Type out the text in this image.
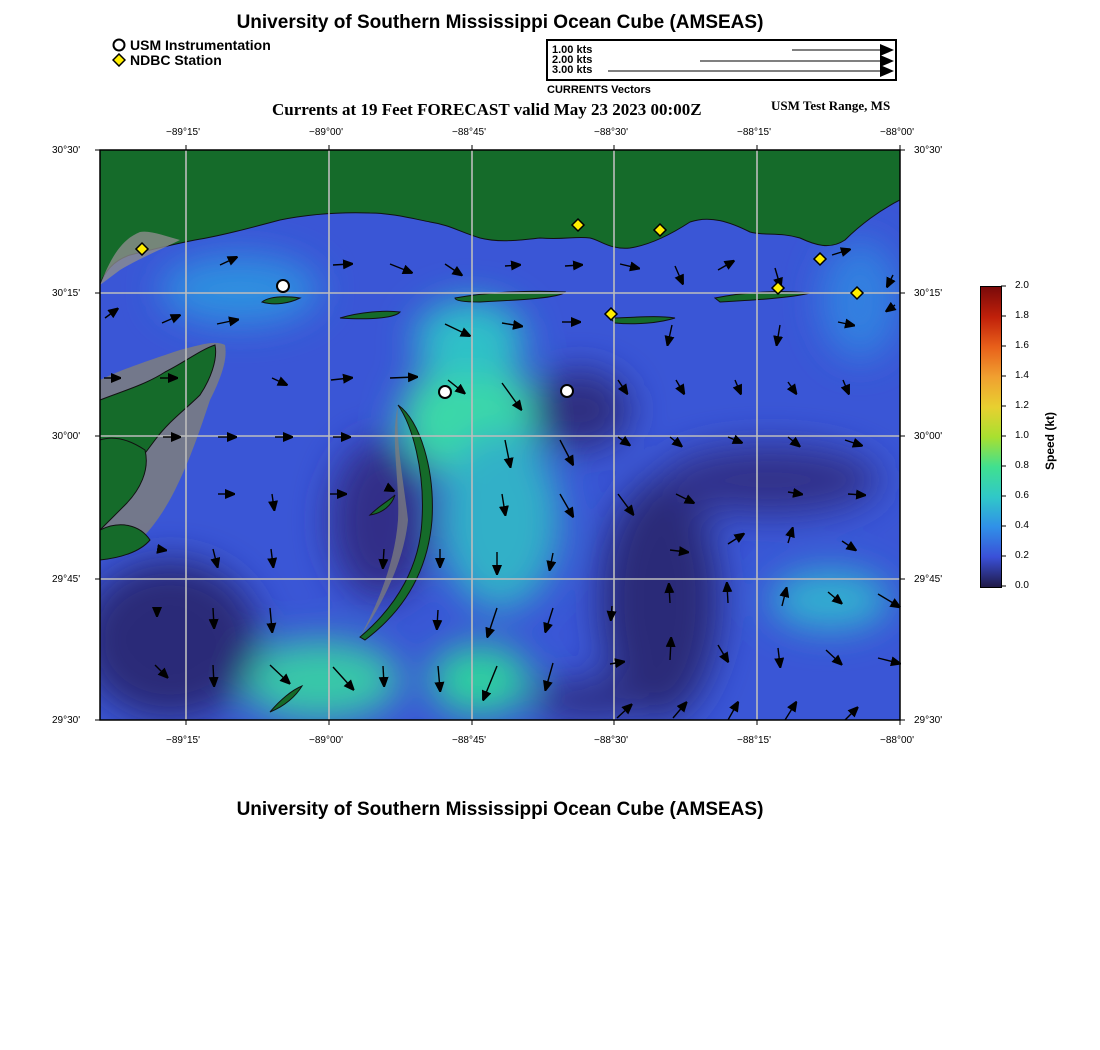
University of Southern Mississippi Ocean Cube (AMSEAS)
USM Instrumentation
NDBC Station
1.00 kts
2.00 kts
3.00 kts
CURRENTS Vectors
Currents at 19 Feet FORECAST valid May 23 2023 00:00Z	USM Test Range, MS
−89°15'	−89°00'	−88°45'	−88°30'	−88°15'	−88°00'
−89°15'	−89°00'	−88°45'	−88°30'	−88°15'	−88°00'
30°30'
30°15'
30°00'
29°45'
29°30'
30°30'
30°15'
30°00'
29°45'
29°30'
2.0
1.8
1.6
1.4
1.2
1.0
0.8
0.6
0.4
0.2
0.0
Speed (kt)
University of Southern Mississippi Ocean Cube (AMSEAS)
